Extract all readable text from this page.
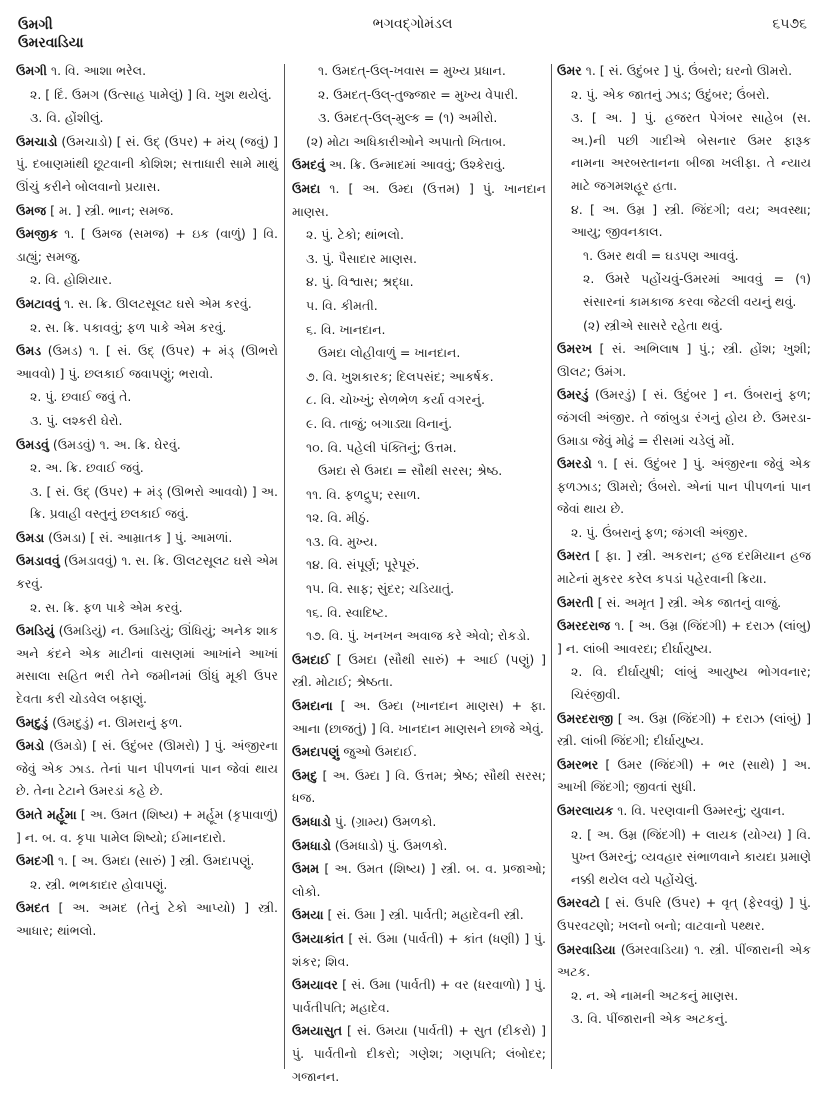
ઉમગી
ઉમરવાડિયા
ભગવદ્ગોમંડલ	૬૫૭૬
ઉમગી ૧. વિ. આશા ભરેલ.
૨. [ દિં. ઉમગ (ઉત્સાહ પામેલું) ] વિ. ખુશ થયેલું.
૩. વિ. હોંશીલું.
ઉમચાડો (ઉમચાડો) [ સં. ઉદ્ (ઉપર) + મંચ્ (જવું) ] પું. દબાણમાંથી છૂટવાની કોશિશ; સત્તાધારી સામે માથું ઊંચું કરીને બોલવાનો પ્રયાસ.
ઉમજ [ મ. ] સ્ત્રી. ભાન; સમજ.
ઉમજીક ૧. [ ઉમજ (સમજ) + ઇક (વાળું) ] વિ. ડાહ્યું; સમજુ.
૨. વિ. હોશિયાર.
ઉમટાવવું ૧. સ. ક્રિ. ઊલટસૂલટ ઘસે એમ કરવું.
૨. સ. ક્રિ. પકાવવું; ફળ પાકે એમ કરવું.
ઉમડ (ઉમડ) ૧. [ સં. ઉદ્ (ઉપર) + મંડ્ (ઊભરો આવવો) ] પું. છલકાઈ જવાપણું; ભરાવો.
૨. પું. છવાઈ જવું તે.
૩. પું. લશ્કરી ઘેરો.
ઉમડવું (ઉમડવું) ૧. અ. ક્રિ. ઘેરવું.
૨. અ. ક્રિ. છવાઈ જવું.
૩. [ સં. ઉદ્ (ઉપર) + મંડ્ (ઊભરો આવવો) ] અ. ક્રિ. પ્રવાહી વસ્તુનું છલકાઈ જવું.
ઉમડા (ઉમડા) [ સં. આમ્રાતક ] પું. આમળાં.
ઉમડાવવું (ઉમડાવવું) ૧. સ. ક્રિ. ઊલટસૂલટ ઘસે એમ કરવું.
૨. સ. ક્રિ. ફળ પાકે એમ કરવું.
ઉમડિયું (ઉમડિયું) ન. ઉમાડિયું; ઊંધિયું; અનેક શાક અને કંદને એક માટીનાં વાસણમાં આખાંને આખાં મસાલા સહિત ભરી તેને જમીનમાં ઊંધું મૂકી ઉપર દેવતા કરી ચોડવેલ બફાણું.
ઉમદુડું (ઉમદુડું) ન. ઊમરાનું ફળ.
ઉમડો (ઉમડો) [ સં. ઉદુંબર (ઊમરો) ] પું. અંજીરના જેવું એક ઝાડ. તેનાં પાન પીપળનાં પાન જેવાં થાય છે. તેના ટેટાને ઉમરડાં કહે છે.
ઉમતે મર્હૂમા [ અ. ઉમત (શિષ્ય) + મર્હૂમ (કૃપાવાળું) ] ન. બ. વ. કૃપા પામેલ શિષ્યો; ઈમાનદારો.
ઉમદગી ૧. [ અ. ઉમદા (સારું) ] સ્ત્રી. ઉમદાપણું.
૨. સ્ત્રી. ભભકાદાર હોવાપણું.
ઉમદત [ અ. અમદ (તેનું ટેકો આપ્યો) ] સ્ત્રી. આધાર; થાંભલો.
૧. ઉમદત્-ઉલ્-ખવાસ = મુખ્ય પ્રધાન.
૨. ઉમદત્-ઉલ્-તુજ્જાર = મુખ્ય વેપારી.
૩. ઉમદત્-ઉલ્-મુલ્ક = (૧) અમીરો.
(૨) મોટા અધિકારીઓને અપાતો ખિતાબ.
ઉમદવું અ. ક્રિ. ઉન્માદમાં આવવું; ઉશ્કેરાવું.
ઉમદા ૧. [ અ. ઉમ્દા (ઉત્તમ) ] પું. ખાનદાન માણસ.
૨. પું. ટેકો; થાંભલો.
૩. પું. પૈસાદાર માણસ.
૪. પું. વિશ્વાસ; શ્રદ્ધા.
૫. વિ. કીમતી.
૬. વિ. ખાનદાન.
ઉમદા લોહીવાળું = ખાનદાન.
૭. વિ. ખુશકારક; દિલપસંદ; આકર્ષક.
૮. વિ. ચોખ્ખું; સેળભેળ કર્યા વગરનું.
૯. વિ. તાજું; બગાડ્યા વિનાનું.
૧૦. વિ. પહેલી પંક્તિનું; ઉત્તમ.
ઉમદા સે ઉમદા = સૌથી સરસ; શ્રેષ્ઠ.
૧૧. વિ. ફળદ્રુપ; રસાળ.
૧૨. વિ. મીઠું.
૧૩. વિ. મુખ્ય.
૧૪. વિ. સંપૂર્ણ; પૂરેપૂરું.
૧૫. વિ. સાફ; સુંદર; ચડિયાતું.
૧૬. વિ. સ્વાદિષ્ટ.
૧૭. વિ. પું. ખનખન અવાજ કરે એવો; રોકડો.
ઉમદાઈ [ ઉમદા (સૌથી સારું) + આઈ (પણું) ] સ્ત્રી. મોટાઈ; શ્રેષ્ઠતા.
ઉમદાના [ અ. ઉમ્દા (ખાનદાન માણસ) + ફા. આના (છાજતું) ] વિ. ખાનદાન માણસને છાજે એવું.
ઉમદાપણું જુઓ ઉમદાઈ.
ઉમદુ [ અ. ઉમ્દા ] વિ. ઉત્તમ; શ્રેષ્ઠ; સૌથી સરસ; ધજ.
ઉમધાડો પું. (ગ્રામ્ય) ઉમળકો.
ઉમધાડો (ઉમધાડો) પું. ઉમળકો.
ઉમમ [ અ. ઉમત (શિષ્ય) ] સ્ત્રી. બ. વ. પ્રજાઓ; લોકો.
ઉમયા [ સં. ઉમા ] સ્ત્રી. પાર્વતી; મહાદેવની સ્ત્રી.
ઉમયાકાંત [ સં. ઉમા (પાર્વતી) + કાંત (ધણી) ] પું. શંકર; શિવ.
ઉમયાવર [ સં. ઉમા (પાર્વતી) + વર (ધરવાળો) ] પું. પાર્વતીપતિ; મહાદેવ.
ઉમયાસુત [ સં. ઉમયા (પાર્વતી) + સુત (દીકરો) ] પું. પાર્વતીનો દીકરો; ગણેશ; ગણપતિ; લંબોદર; ગજાનન.
ઉમર ૧. [ સં. ઉદુંબર ] પું. ઉંબરો; ઘરનો ઊમરો.
૨. પું. એક જાતનું ઝાડ; ઉદુંબર; ઉંબરો.
૩. [ અ. ] પું. હજરત પેગંબર સાહેબ (સ. અ.)ની પછી ગાદીએ બેસનાર ઉમર ફારૂક નામના અરબસ્તાનના બીજા ખલીફા. તે ન્યાય માટે જગમશહૂર હતા.
૪. [ અ. ઉમ્ર ] સ્ત્રી. જિંદગી; વય; અવસ્થા; આયુ; જીવનકાલ.
૧. ઉમર થવી = ઘડપણ આવવું.
૨. ઉમરે પહોંચવું-ઉમરમાં આવવું = (૧) સંસારનાં કામકાજ કરવા જેટલી વયનું થવું.
(૨) સ્ત્રીએ સાસરે રહેતા થવું.
ઉમરખ [ સં. અભિલાષ ] પું.; સ્ત્રી. હોંશ; ખુશી; ઊલટ; ઉમંગ.
ઉમરડું (ઉમરડું) [ સં. ઉદુંબર ] ન. ઉંબરાનું ફળ; જંગલી અંજીર. તે જાંબુડા રંગનું હોય છે. ઉમરડા-ઉમાડા જેવું મોઢું = રીસમાં ચડેલું મોં.
ઉમરડો ૧. [ સં. ઉદુંબર ] પું. અંજીરના જેવું એક ફળઝાડ; ઊમરો; ઉંબરો. એનાં પાન પીપળનાં પાન જેવાં થાય છે.
૨. પું. ઉંબરાનું ફળ; જંગલી અંજીર.
ઉમરત [ ફા. ] સ્ત્રી. અકરાન; હજ દરમિયાન હજ માટેનાં મુકરર કરેલ કપડાં પહેરવાની ક્રિયા.
ઉમરતી [ સં. અમૃત ] સ્ત્રી. એક જાતનું વાજું.
ઉમરદરાજ ૧. [ અ. ઉમ્ર (જિંદગી) + દરાઝ (લાંબુ) ] ન. લાંબી આવરદા; દીર્ઘાયુષ્ય.
૨. વિ. દીર્ઘાયુષી; લાંબું આયુષ્ય ભોગવનાર; ચિરંજીવી.
ઉમરદરાજી [ અ. ઉમ્ર (જિંદગી) + દરાઝ (લાંબું) ] સ્ત્રી. લાંબી જિંદગી; દીર્ઘાયુષ્ય.
ઉમરભર [ ઉમર (જિંદગી) + ભર (સાથે) ] અ. આખી જિંદગી; જીવતાં સુધી.
ઉમરલાયક ૧. વિ. પરણવાની ઉમ્મરનું; યુવાન.
૨. [ અ. ઉમ્ર (જિંદગી) + લાયક (યોગ્ય) ] વિ. પુખ્ત ઉમરનું; વ્યવહાર સંભાળવાને કાયદા પ્રમાણે નક્કી થયેલ વયે પહોંચેલું.
ઉમરવટો [ સં. ઉપરિ (ઉપર) + વૃત્ (ફેરવવું) ] પું. ઉપરવટણો; ખલનો બનો; વાટવાનો પથ્થર.
ઉમરવાડિયા (ઉમરવાડિયા) ૧. સ્ત્રી. પીંજારાની એક અટક.
૨. ન. એ નામની અટકનું માણસ.
૩. વિ. પીંજારાની એક અટકનું.
